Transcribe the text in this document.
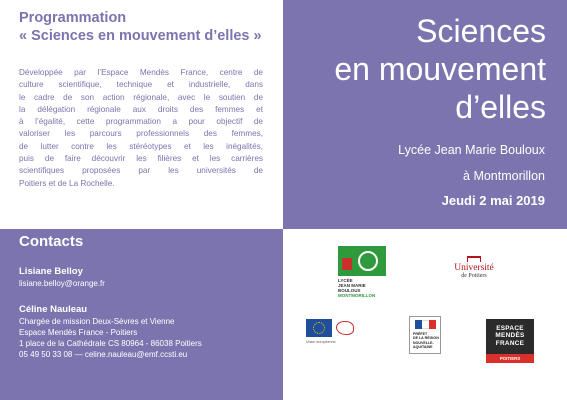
Programmation
« Sciences en mouvement d’elles »
Développée par l’Espace Mendès France, centre de
culture scientifique, technique et industrielle, dans
le cadre de son action régionale, avec le soutien de
la délégation régionale aux droits des femmes et
à l’égalité, cette programmation a pour objectif de
valoriser les parcours professionnels des femmes,
de lutter contre les stéréotypes et les inégalités,
puis de faire découvrir les filières et les carrières
scientifiques proposées par les universités de
Poitiers et de La Rochelle.
Sciences
en mouvement
d’elles
Lycée Jean Marie Bouloux
à Montmorillon
Jeudi 2 mai 2019
Contacts
Lisiane Belloy
lisiane.belloy@orange.fr
Céline Nauleau
Chargée de mission Deux-Sèvres et Vienne
Espace Mendès France - Poitiers
1 place de la Cathédrale CS 80964 - 86038 Poitiers
05 49 50 33 08 — celine.nauleau@emf.ccsti.eu
LYCÉE
JEAN MARIE BOULOUX
MONTMORILLON
Université
de Poitiers
Union européenne
PRÉFET
DE LA RÉGION
NOUVELLE-AQUITAINE
ESPACE
MENDÈS
FRANCE
POITIERS
